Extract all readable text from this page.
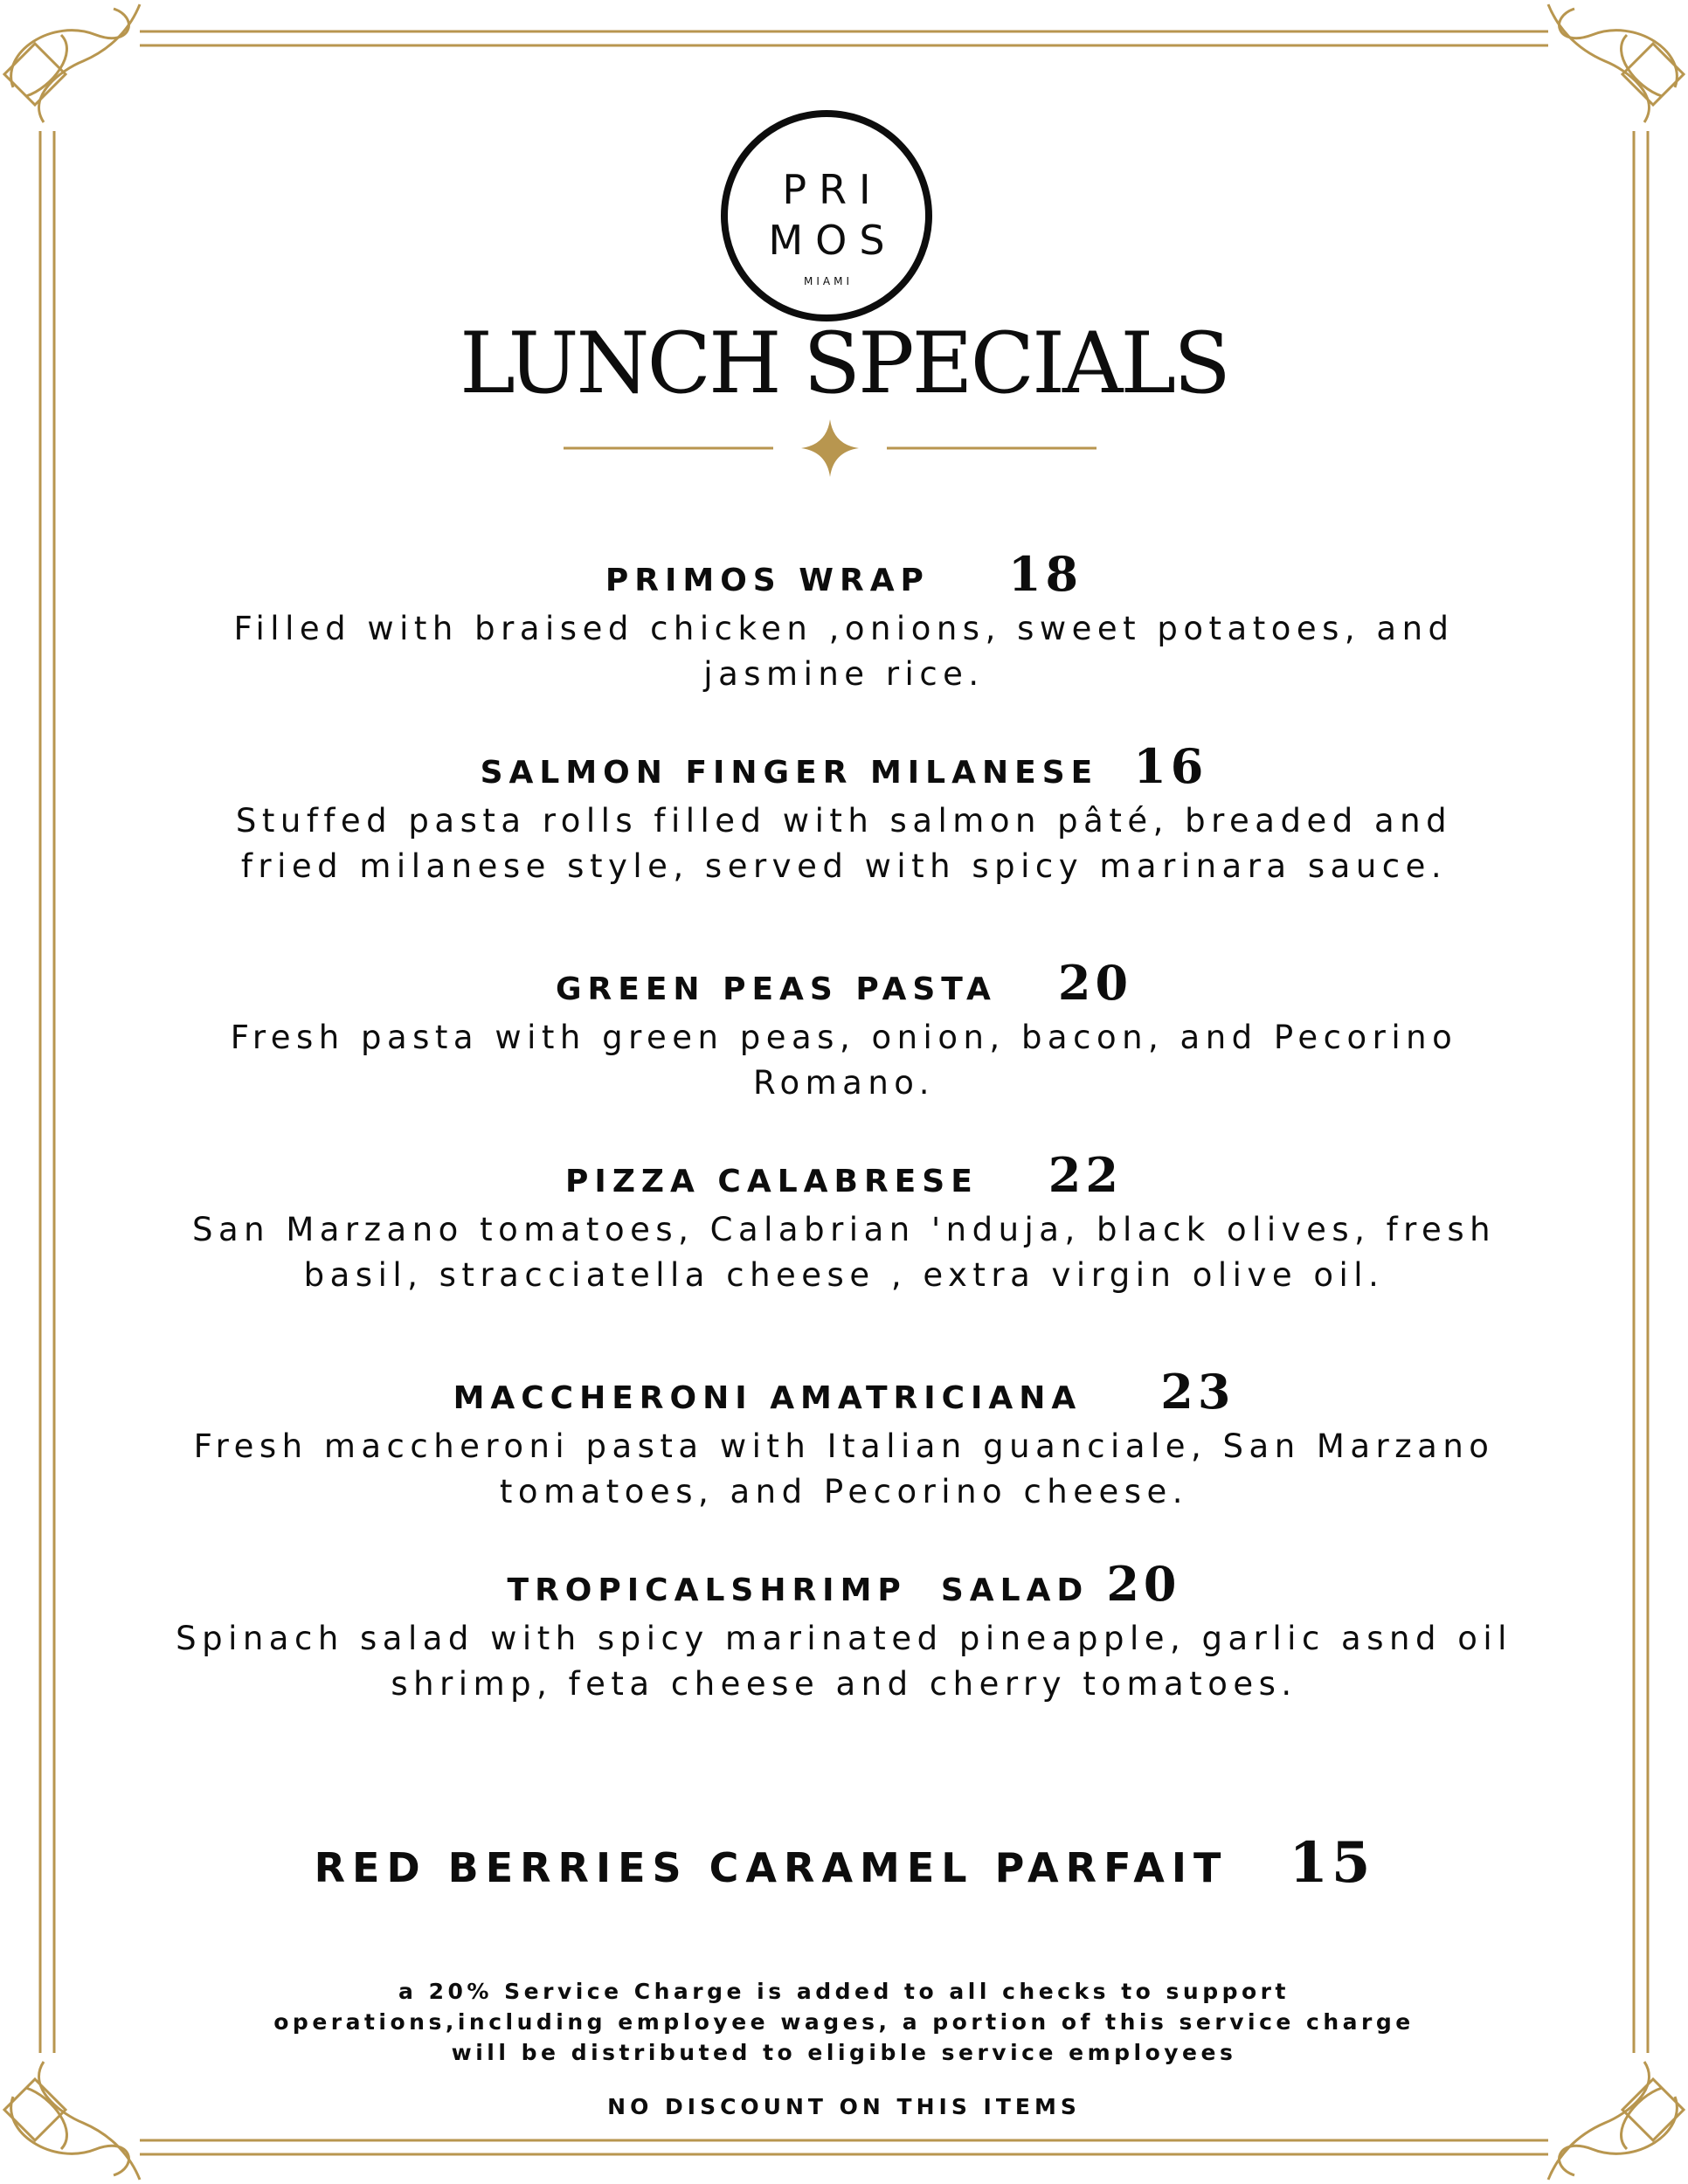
PRI
MOS
MIAMI
LUNCH SPECIALS
PRIMOS WRAP 18
Filled with braised chicken ,onions, sweet potatoes, and
jasmine rice.
SALMON FINGER MILANESE 16
Stuffed pasta rolls filled with salmon pâté, breaded and
fried milanese style, served with spicy marinara sauce.
GREEN PEAS PASTA 20
Fresh pasta with green peas, onion, bacon, and Pecorino
Romano.
PIZZA CALABRESE 22
San Marzano tomatoes, Calabrian 'nduja, black olives, fresh
basil, stracciatella cheese , extra virgin olive oil.
MACCHERONI AMATRICIANA 23
Fresh maccheroni pasta with Italian guanciale, San Marzano
tomatoes, and Pecorino cheese.
TROPICALSHRIMP  SALAD 20
Spinach salad with spicy marinated pineapple, garlic asnd oil
shrimp, feta cheese and cherry tomatoes.
RED BERRIES CARAMEL PARFAIT 15
a 20% Service Charge is added to all checks to support
operations,including employee wages, a portion of this service charge
will be distributed to eligible service employees
NO DISCOUNT ON THIS ITEMS
